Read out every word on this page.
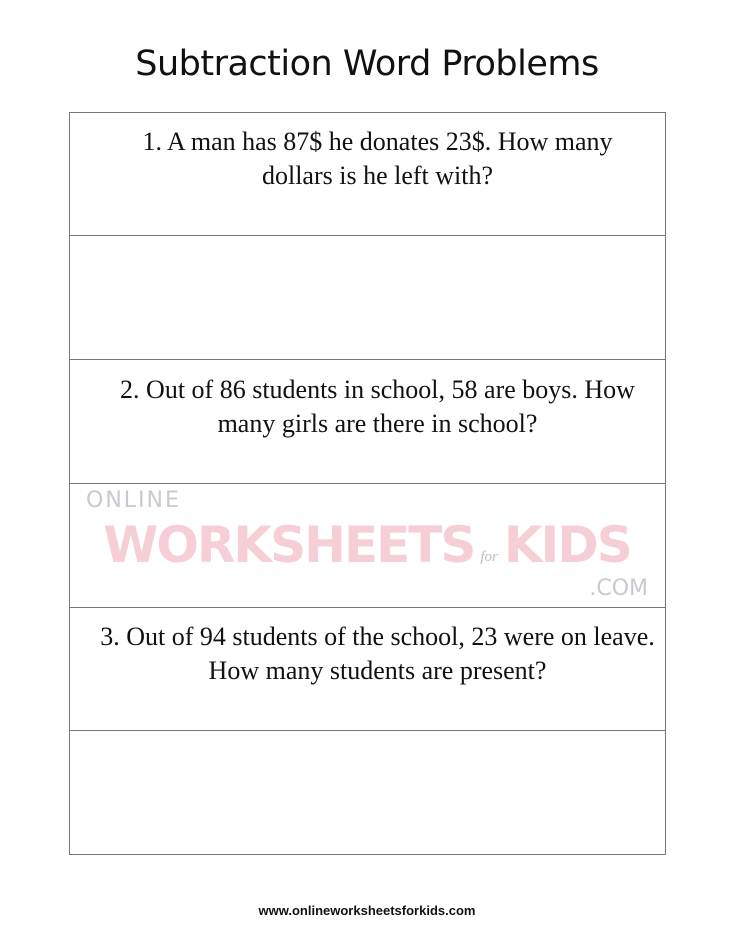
Subtraction Word Problems
1. A man has 87$ he donates 23$. How many dollars is he left with?
2. Out of 86 students in school, 58 are boys. How many girls are there in school?
3. Out of 94 students of the school, 23 were on leave. How many students are present?
ONLINE
WORKSHEETS for KIDS
.COM
www.onlineworksheetsforkids.com
